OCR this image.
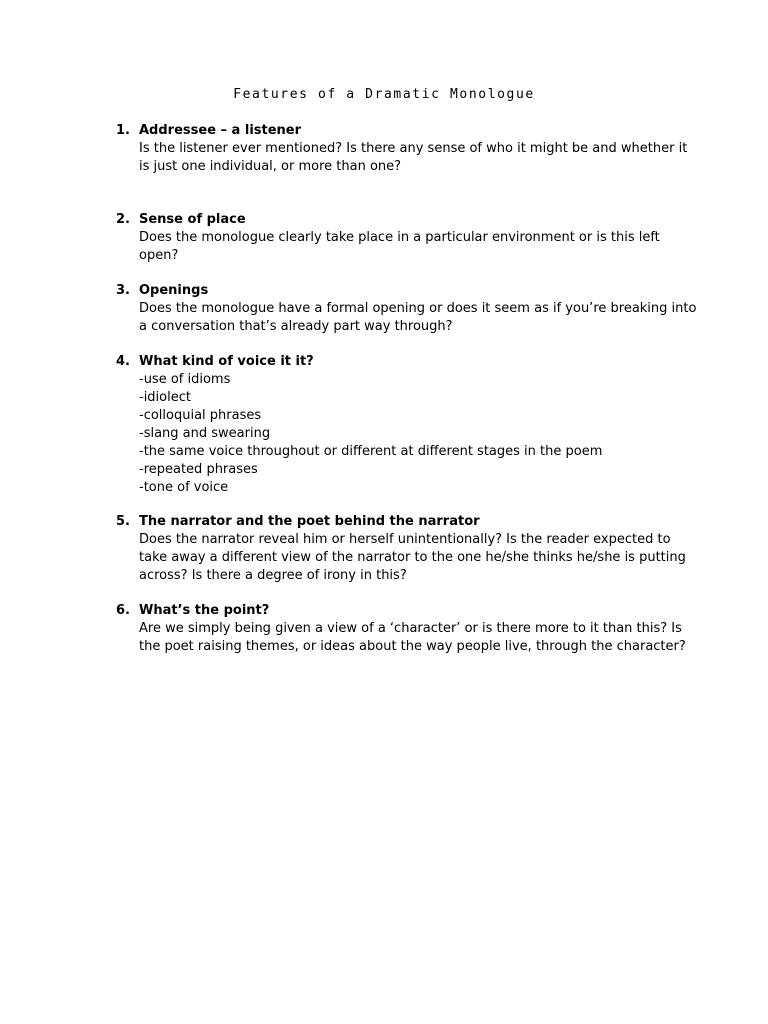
Features of a Dramatic Monologue
1. Addressee – a listener
Is the listener ever mentioned? Is there any sense of who it might be and whether it
is just one individual, or more than one?
2. Sense of place
Does the monologue clearly take place in a particular environment or is this left
open?
3. Openings
Does the monologue have a formal opening or does it seem as if you’re breaking into
a conversation that’s already part way through?
4. What kind of voice it it?
-use of idioms
-idiolect
-colloquial phrases
-slang and swearing
-the same voice throughout or different at different stages in the poem
-repeated phrases
-tone of voice
5. The narrator and the poet behind the narrator
Does the narrator reveal him or herself unintentionally? Is the reader expected to
take away a different view of the narrator to the one he/she thinks he/she is putting
across? Is there a degree of irony in this?
6. What’s the point?
Are we simply being given a view of a ‘character’ or is there more to it than this? Is
the poet raising themes, or ideas about the way people live, through the character?
